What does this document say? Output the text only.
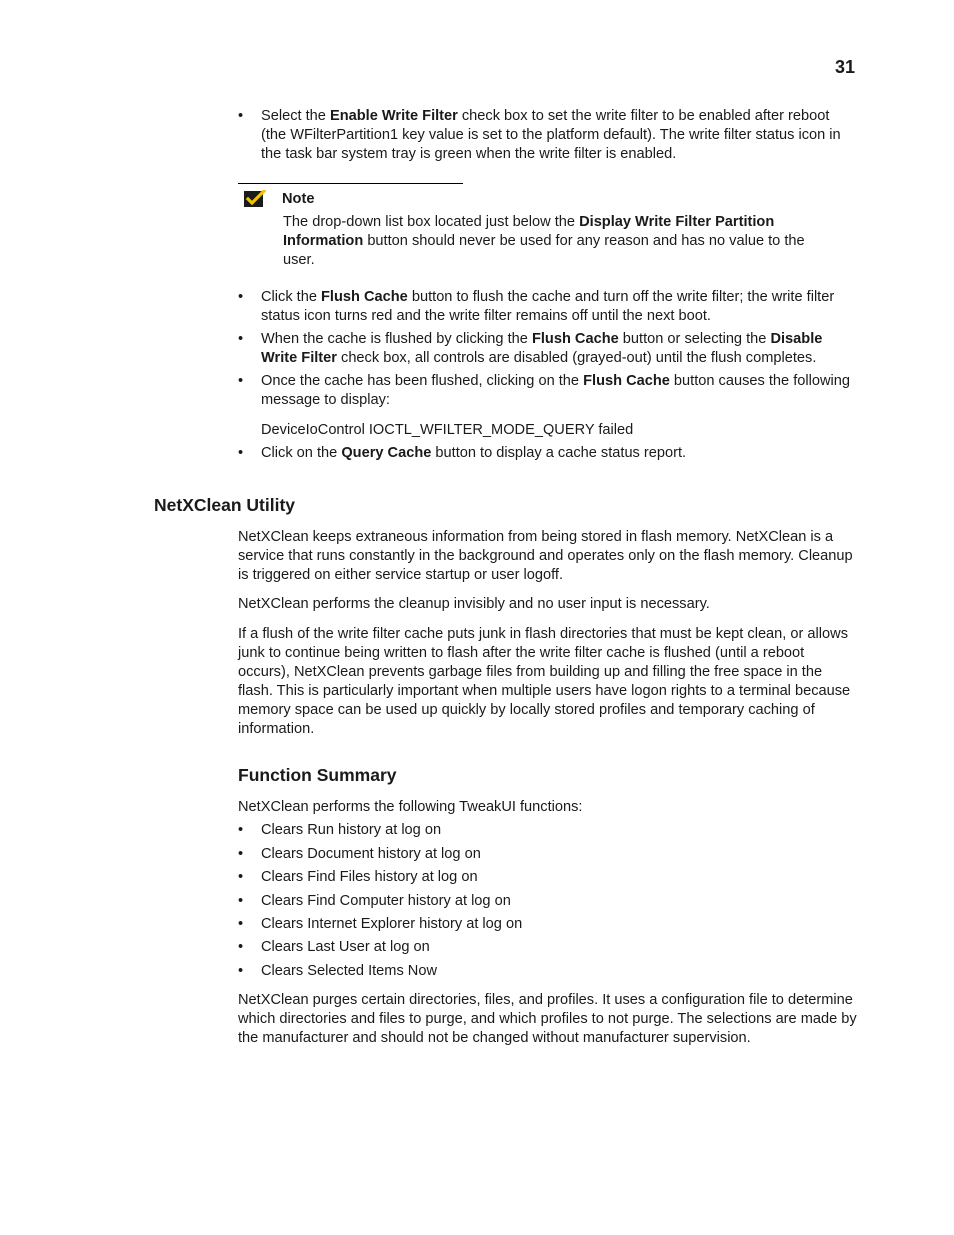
31
• Select the Enable Write Filter check box to set the write filter to be enabled after reboot (the WFilterPartition1 key value is set to the platform default). The write filter status icon in the task bar system tray is green when the write filter is enabled.
Note
The drop-down list box located just below the Display Write Filter Partition Information button should never be used for any reason and has no value to the user.
• Click the Flush Cache button to flush the cache and turn off the write filter; the write filter status icon turns red and the write filter remains off until the next boot.
• When the cache is flushed by clicking the Flush Cache button or selecting the Disable Write Filter check box, all controls are disabled (grayed-out) until the flush completes.
• Once the cache has been flushed, clicking on the Flush Cache button causes the following message to display:
DeviceIoControl IOCTL_WFILTER_MODE_QUERY failed
• Click on the Query Cache button to display a cache status report.
NetXClean Utility
NetXClean keeps extraneous information from being stored in flash memory. NetXClean is a service that runs constantly in the background and operates only on the flash memory. Cleanup is triggered on either service startup or user logoff.
NetXClean performs the cleanup invisibly and no user input is necessary.
If a flush of the write filter cache puts junk in flash directories that must be kept clean, or allows junk to continue being written to flash after the write filter cache is flushed (until a reboot occurs), NetXClean prevents garbage files from building up and filling the free space in the flash. This is particularly important when multiple users have logon rights to a terminal because memory space can be used up quickly by locally stored profiles and temporary caching of information.
Function Summary
NetXClean performs the following TweakUI functions:
• Clears Run history at log on
• Clears Document history at log on
• Clears Find Files history at log on
• Clears Find Computer history at log on
• Clears Internet Explorer history at log on
• Clears Last User at log on
• Clears Selected Items Now
NetXClean purges certain directories, files, and profiles. It uses a configuration file to determine which directories and files to purge, and which profiles to not purge. The selections are made by the manufacturer and should not be changed without manufacturer supervision.
